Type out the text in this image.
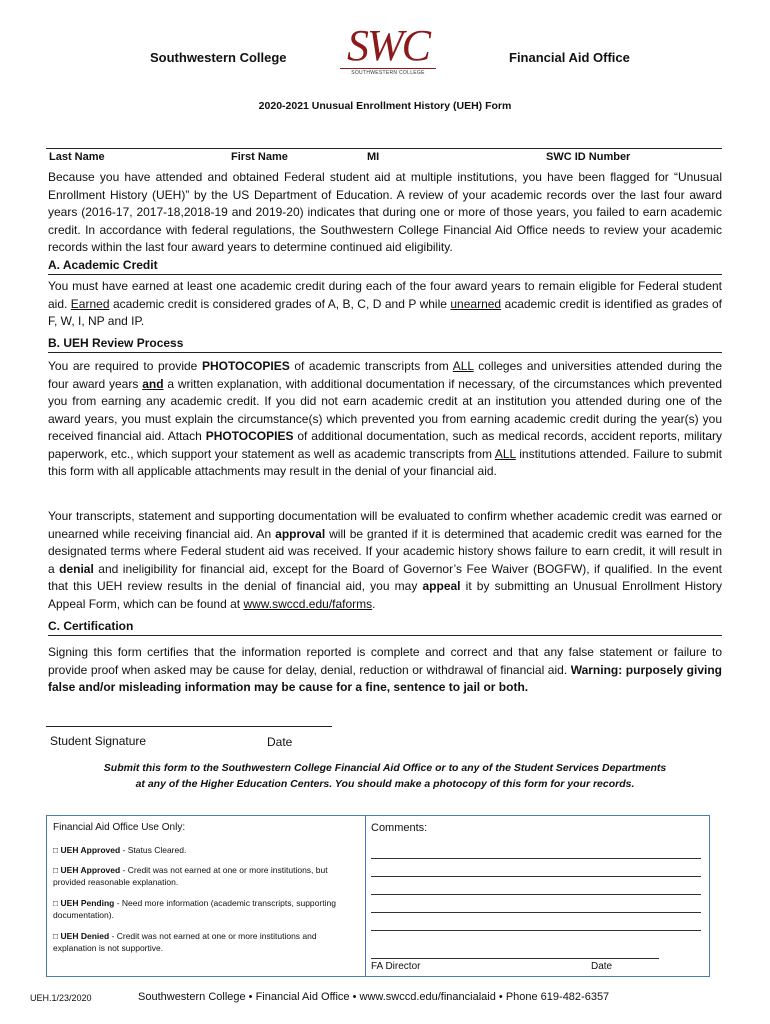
Southwestern College SWC
SOUTHWESTERN COLLEGE
Financial Aid Office
2020-2021 Unusual Enrollment History (UEH) Form
Last Name	First Name	MI	SWC ID Number
Because you have attended and obtained Federal student aid at multiple institutions, you have been flagged for “Unusual Enrollment History (UEH)” by the US Department of Education. A review of your academic records over the last four award years (2016-17, 2017-18,2018-19 and 2019-20) indicates that during one or more of those years, you failed to earn academic credit. In accordance with federal regulations, the Southwestern College Financial Aid Office needs to review your academic records within the last four award years to determine continued aid eligibility.
A. Academic Credit
You must have earned at least one academic credit during each of the four award years to remain eligible for Federal student aid. Earned academic credit is considered grades of A, B, C, D and P while unearned academic credit is identified as grades of F, W, I, NP and IP.
B. UEH Review Process
You are required to provide PHOTOCOPIES of academic transcripts from ALL colleges and universities attended during the four award years and a written explanation, with additional documentation if necessary, of the circumstances which prevented you from earning any academic credit. If you did not earn academic credit at an institution you attended during one of the award years, you must explain the circumstance(s) which prevented you from earning academic credit during the year(s) you received financial aid. Attach PHOTOCOPIES of additional documentation, such as medical records, accident reports, military paperwork, etc., which support your statement as well as academic transcripts from ALL institutions attended. Failure to submit this form with all applicable attachments may result in the denial of your financial aid.
Your transcripts, statement and supporting documentation will be evaluated to confirm whether academic credit was earned or unearned while receiving financial aid. An approval will be granted if it is determined that academic credit was earned for the designated terms where Federal student aid was received. If your academic history shows failure to earn credit, it will result in a denial and ineligibility for financial aid, except for the Board of Governor’s Fee Waiver (BOGFW), if qualified. In the event that this UEH review results in the denial of financial aid, you may appeal it by submitting an Unusual Enrollment History Appeal Form, which can be found at www.swccd.edu/faforms.
C. Certification
Signing this form certifies that the information reported is complete and correct and that any false statement or failure to provide proof when asked may be cause for delay, denial, reduction or withdrawal of financial aid. Warning: purposely giving false and/or misleading information may be cause for a fine, sentence to jail or both.
Student Signature	Date
Submit this form to the Southwestern College Financial Aid Office or to any of the Student Services Departments
at any of the Higher Education Centers. You should make a photocopy of this form for your records.
Financial Aid Office Use Only:	Comments:
□ UEH Approved - Status Cleared.
□ UEH Approved - Credit was not earned at one or more institutions, but provided reasonable explanation.
□ UEH Pending - Need more information (academic transcripts, supporting documentation).
□ UEH Denied - Credit was not earned at one or more institutions and explanation is not supportive.
FA Director	Date
UEH.1/23/2020	Southwestern College • Financial Aid Office • www.swccd.edu/financialaid • Phone 619-482-6357
